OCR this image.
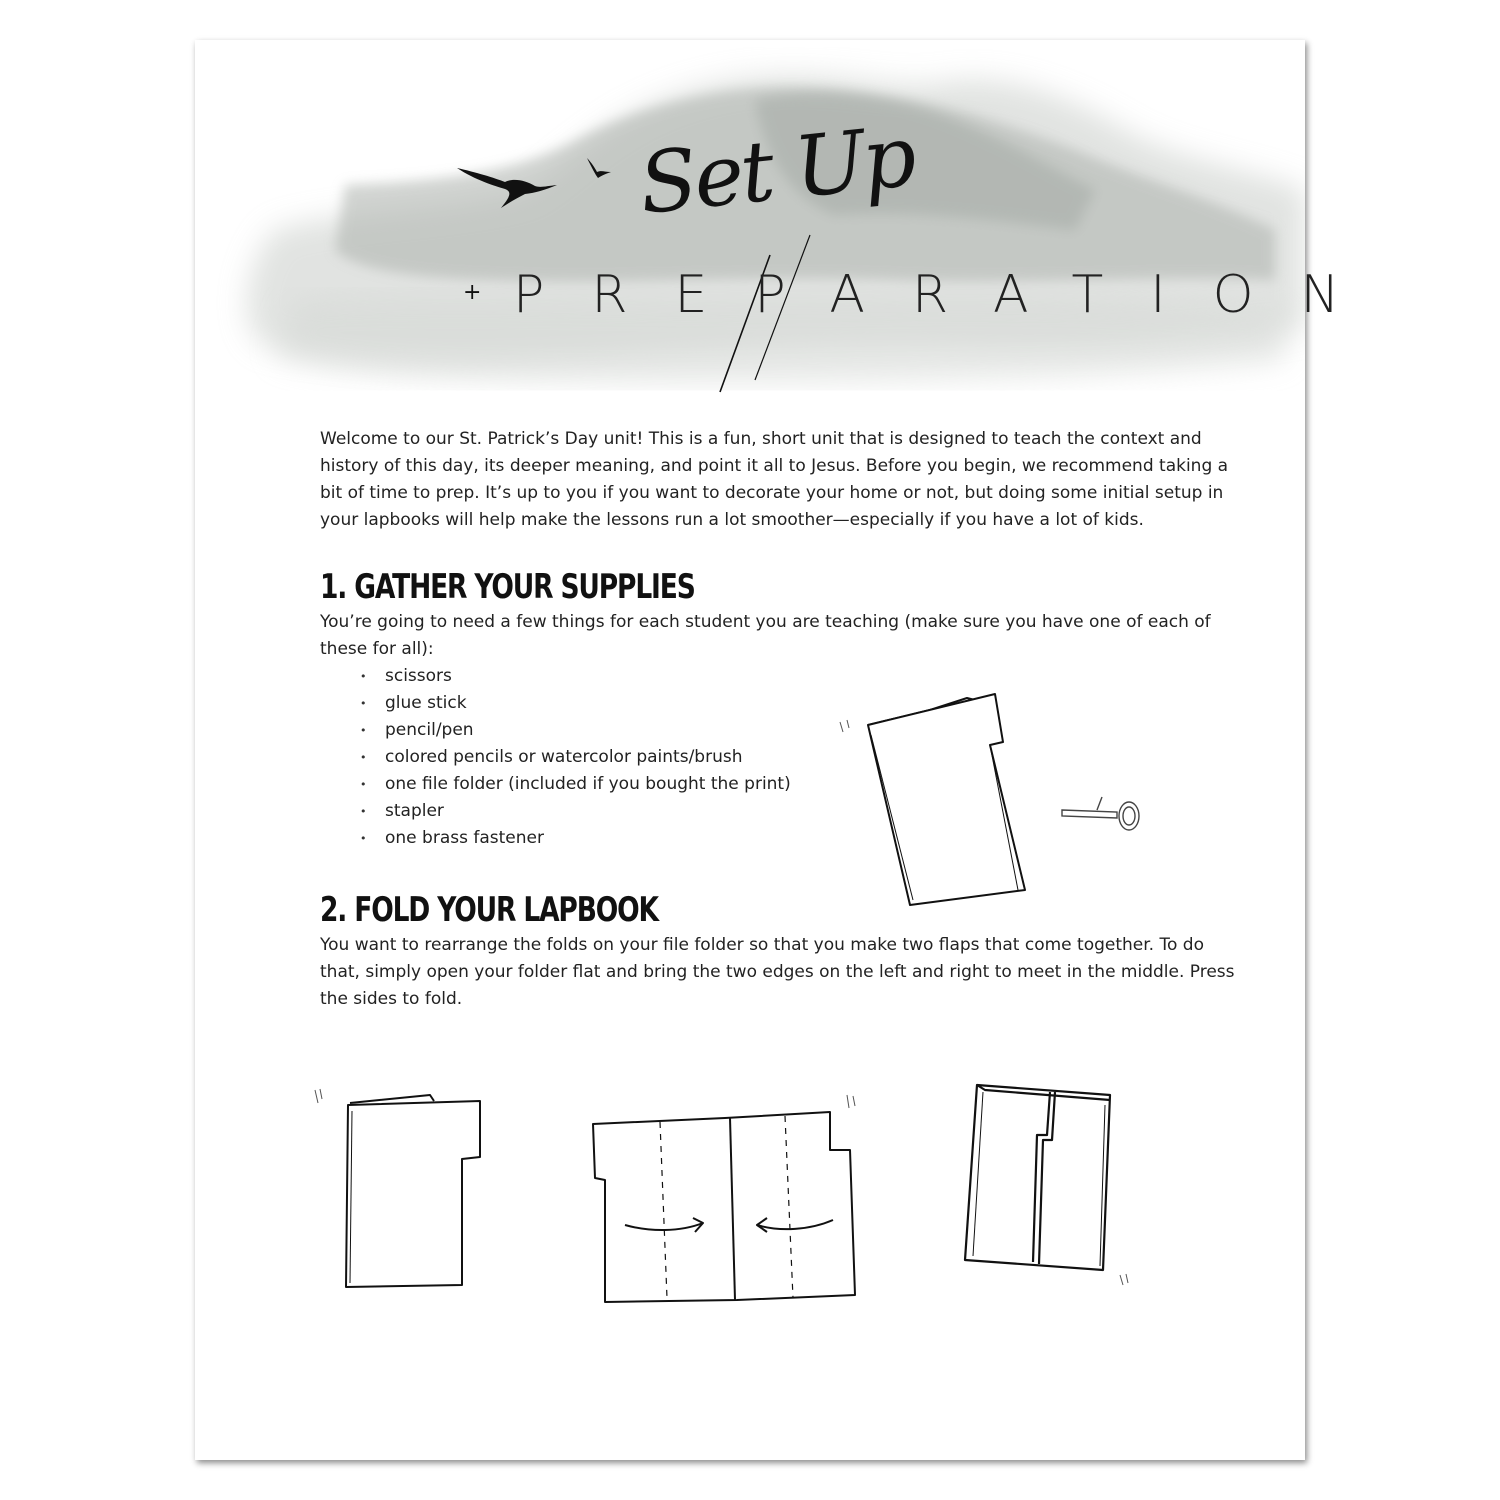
Set Up
+ PREPARATION

Welcome to our St. Patrick’s Day unit! This is a fun, short unit that is designed to teach the context and history of this day, its deeper meaning, and point it all to Jesus. Before you begin, we recommend taking a bit of time to prep. It’s up to you if you want to decorate your home or not, but doing some initial setup in your lapbooks will help make the lessons run a lot smoother—especially if you have a lot of kids.

1. GATHER YOUR SUPPLIES

You’re going to need a few things for each student you are teaching (make sure you have one of each of these for all):

• scissors
• glue stick
• pencil/pen
• colored pencils or watercolor paints/brush
• one file folder (included if you bought the print)
• stapler
• one brass fastener
2. FOLD YOUR LAPBOOK

You want to rearrange the folds on your file folder so that you make two flaps that come together. To do that, simply open your folder flat and bring the two edges on the left and right to meet in the middle. Press the sides to fold.
